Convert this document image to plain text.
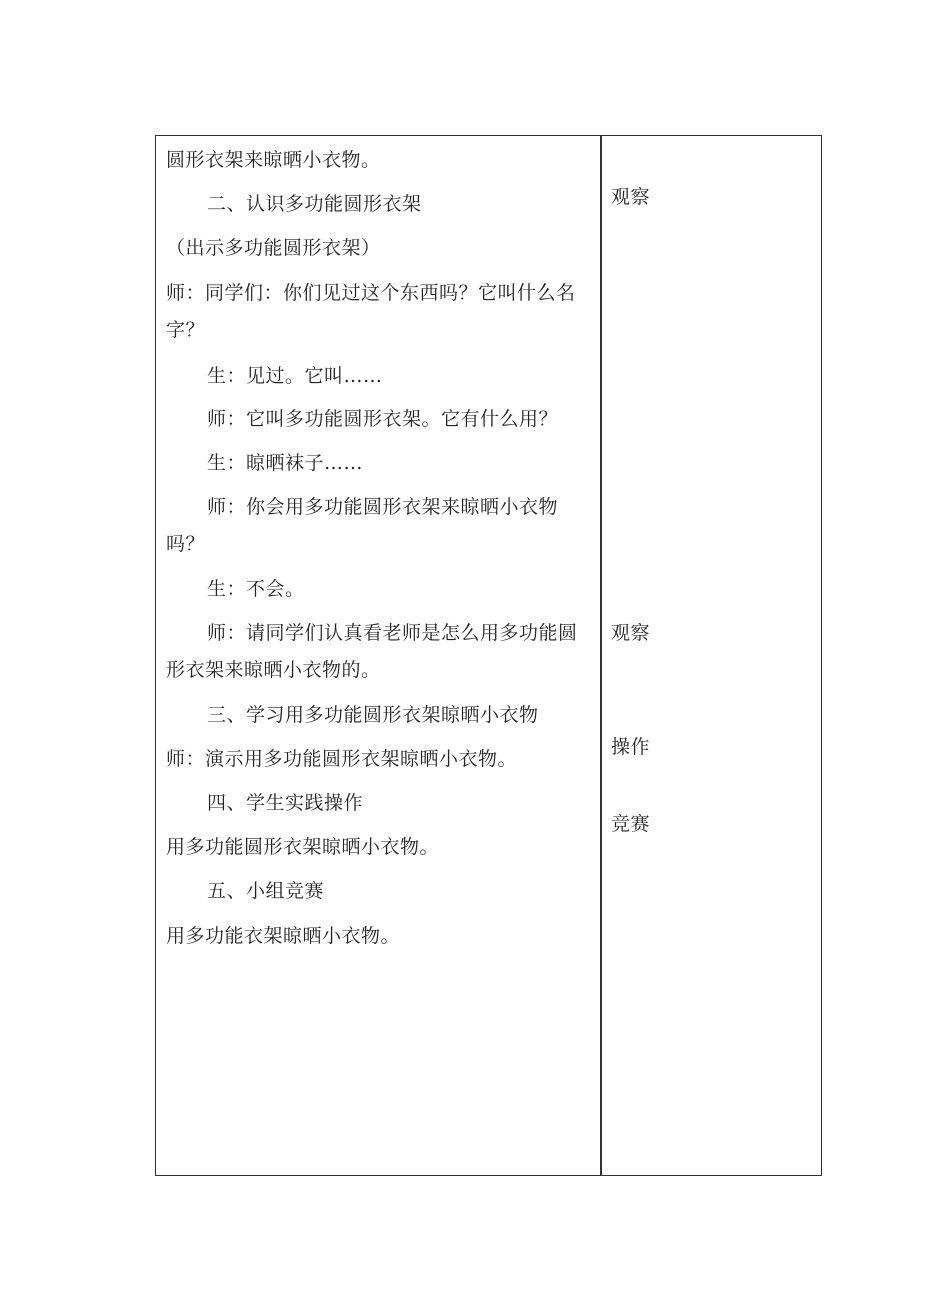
圆形衣架来晾晒小衣物。
二、认识多功能圆形衣架
（出示多功能圆形衣架）
师：同学们：你们见过这个东西吗？它叫什么名
字？
生：见过。它叫……
师：它叫多功能圆形衣架。它有什么用？
生：晾晒袜子……
师：你会用多功能圆形衣架来晾晒小衣物
吗？
生：不会。
师：请同学们认真看老师是怎么用多功能圆
形衣架来晾晒小衣物的。
三、学习用多功能圆形衣架晾晒小衣物
师：演示用多功能圆形衣架晾晒小衣物。
四、学生实践操作
用多功能圆形衣架晾晒小衣物。
五、小组竞赛
用多功能衣架晾晒小衣物。
观察
观察
操作
竞赛
